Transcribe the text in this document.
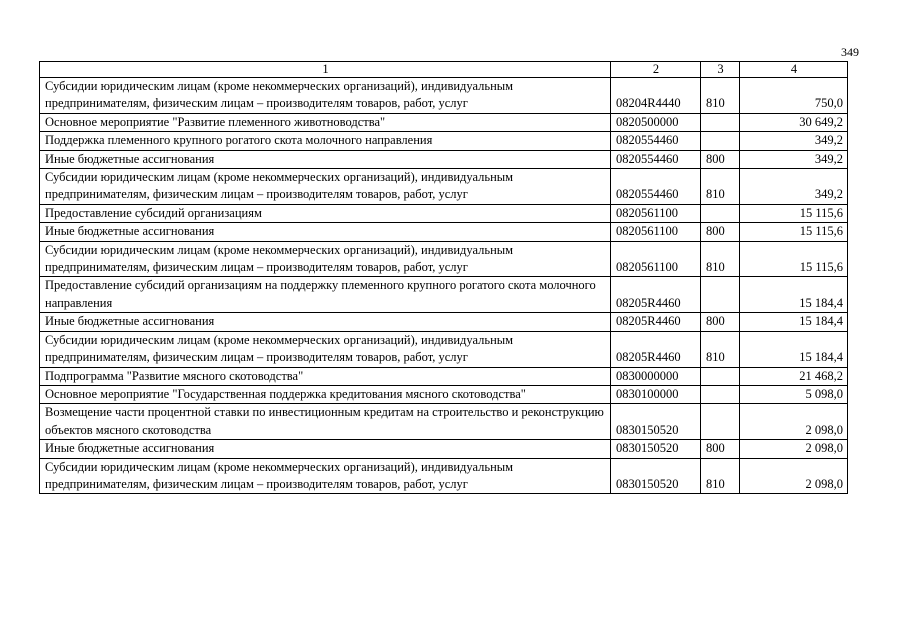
349
1	2	3	4
Субсидии юридическим лицам (кроме некоммерческих организаций), индивидуальным предпринимателям, физическим лицам – производителям товаров, работ, услуг	08204R4440	810	750,0
Основное мероприятие "Развитие племенного животноводства"	0820500000		30 649,2
Поддержка племенного крупного рогатого скота молочного направления	0820554460		349,2
Иные бюджетные ассигнования	0820554460	800	349,2
Субсидии юридическим лицам (кроме некоммерческих организаций), индивидуальным предпринимателям, физическим лицам – производителям товаров, работ, услуг	0820554460	810	349,2
Предоставление субсидий организациям	0820561100		15 115,6
Иные бюджетные ассигнования	0820561100	800	15 115,6
Субсидии юридическим лицам (кроме некоммерческих организаций), индивидуальным предпринимателям, физическим лицам – производителям товаров, работ, услуг	0820561100	810	15 115,6
Предоставление субсидий организациям на поддержку племенного крупного рогатого скота молочного направления	08205R4460		15 184,4
Иные бюджетные ассигнования	08205R4460	800	15 184,4
Субсидии юридическим лицам (кроме некоммерческих организаций), индивидуальным предпринимателям, физическим лицам – производителям товаров, работ, услуг	08205R4460	810	15 184,4
Подпрограмма "Развитие мясного скотоводства"	0830000000		21 468,2
Основное мероприятие "Государственная поддержка кредитования мясного скотоводства"	0830100000		5 098,0
Возмещение части процентной ставки по инвестиционным кредитам на строительство и реконструкцию объектов мясного скотоводства	0830150520		2 098,0
Иные бюджетные ассигнования	0830150520	800	2 098,0
Субсидии юридическим лицам (кроме некоммерческих организаций), индивидуальным предпринимателям, физическим лицам – производителям товаров, работ, услуг	0830150520	810	2 098,0
